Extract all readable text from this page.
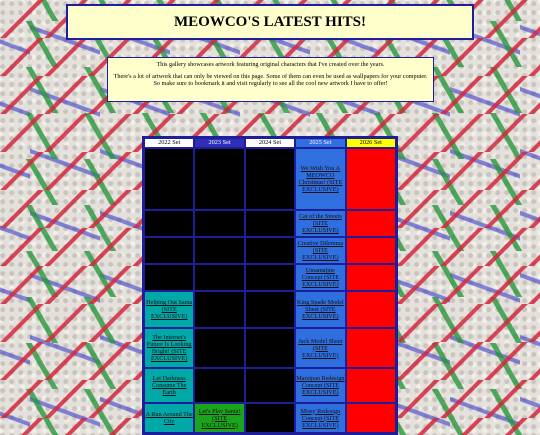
MEOWCO'S LATEST HITS!

This gallery showcases artwork featuring original characters that I've created over the years.

There's a lot of artwork that can only be viewed on this page. Some of them can even be used as wallpapers for your computer. So make sure to bookmark it and visit regularly to see all the cool new artwork I have to offer!

2022 Set	2023 Set	2024 Set	2025 Set	2026 Set
			We Wish You A MEOWCO Christmas! (SITE EXCLUSIVE)	
			Cat of the Streets (SITE EXCLUSIVE)	
			Creative Dilemma (SITE EXCLUSIVE)	
			Umamajine Concept (SITE EXCLUSIVE)	
Helping Out Santa (SITE EXCLUSIVE)			King Spade Model Sheet (SITE EXCLUSIVE)	
The Internet's Future Is Looking Bright! (SITE EXCLUSIVE)			Jack Model Sheet (SITE EXCLUSIVE)	
Let Darkness Consume The Earth			Marzipan Redesign Concept (SITE EXCLUSIVE)	
A Run Around The City	Let's Play Santa! (SITE EXCLUSIVE)		Missy Redesign Concept (SITE EXCLUSIVE)	
